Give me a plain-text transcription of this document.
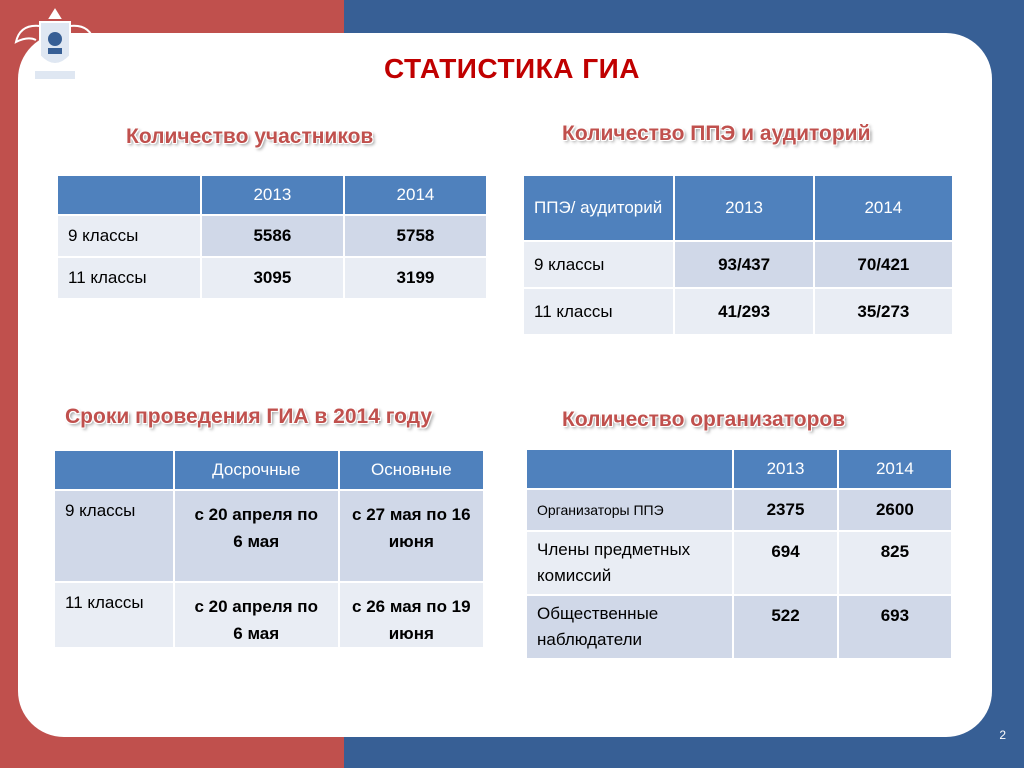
СТАТИСТИКА ГИА
Количество участников	Количество ППЭ и аудиторий
Сроки проведения ГИА в 2014 году	Количество организаторов
	2013	2014
9 классы	5586	5758
11 классы	3095	3199
ППЭ/ аудиторий	2013	2014
9 классы	93/437	70/421
11 классы	41/293	35/273
	Досрочные	Основные
9 классы	с 20 апреля по 6 мая	с 27 мая по 16 июня
11 классы	с 20 апреля по 6 мая	с 26 мая по 19 июня
	2013	2014
Организаторы ППЭ	2375	2600
Члены предметных комиссий	694	825
Общественные наблюдатели	522	693
2
